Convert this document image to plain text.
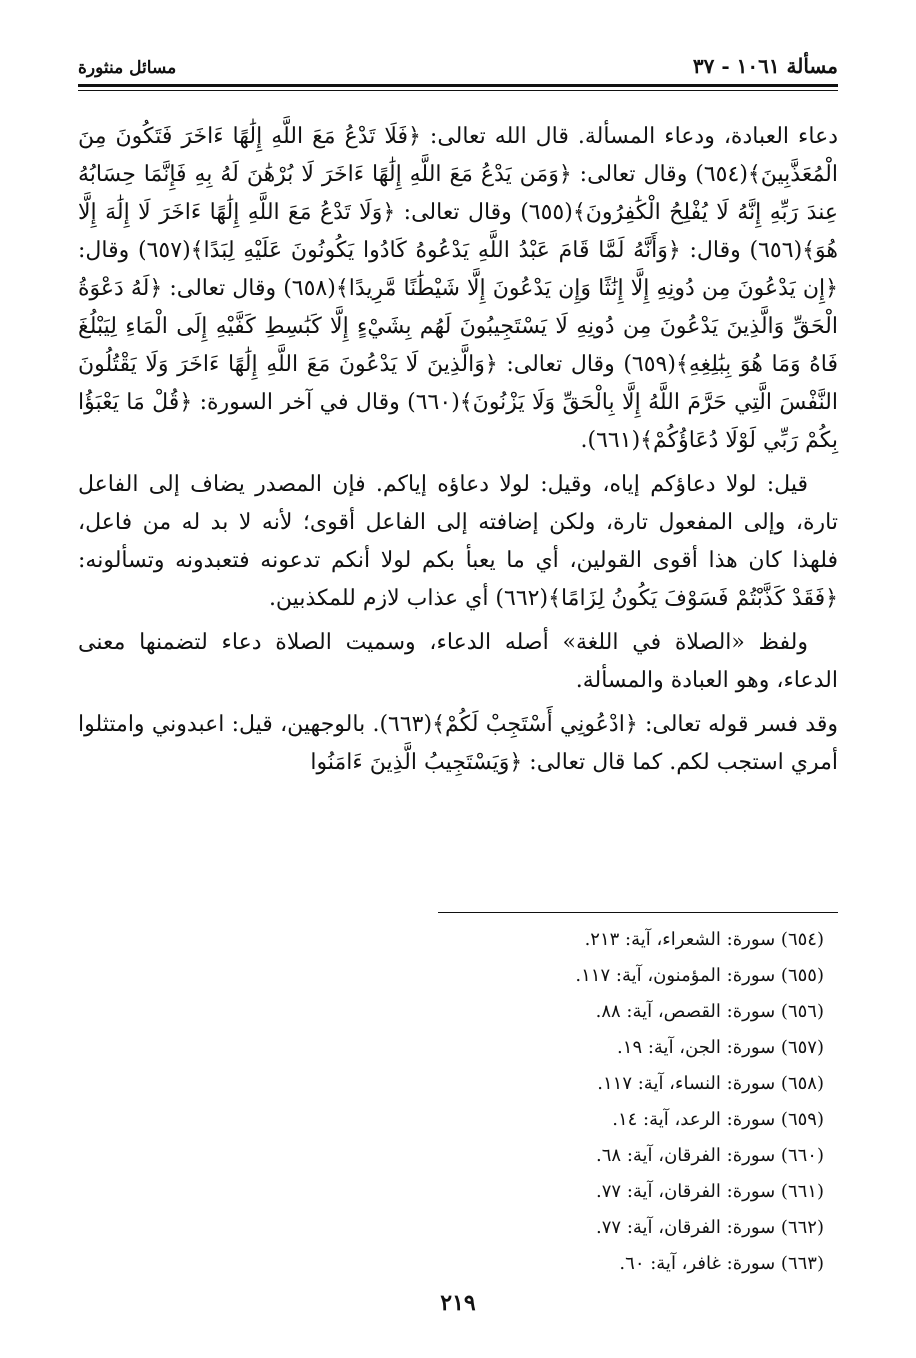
مسألة ١٠٦١ - ٣٧
مسائل منثورة

دعاء العبادة، ودعاء المسألة. قال الله تعالى: ﴿فَلَا تَدْعُ مَعَ اللَّهِ إِلَٰهًا ءَاخَرَ فَتَكُونَ مِنَ الْمُعَذَّبِينَ﴾(٦٥٤) وقال تعالى: ﴿وَمَن يَدْعُ مَعَ اللَّهِ إِلَٰهًا ءَاخَرَ لَا بُرْهَٰنَ لَهُ بِهِ فَإِنَّمَا حِسَابُهُ عِندَ رَبِّهِ إِنَّهُ لَا يُفْلِحُ الْكَٰفِرُونَ﴾(٦٥٥) وقال تعالى: ﴿وَلَا تَدْعُ مَعَ اللَّهِ إِلَٰهًا ءَاخَرَ لَا إِلَٰهَ إِلَّا هُوَ﴾(٦٥٦) وقال: ﴿وَأَنَّهُ لَمَّا قَامَ عَبْدُ اللَّهِ يَدْعُوهُ كَادُوا يَكُونُونَ عَلَيْهِ لِبَدًا﴾(٦٥٧) وقال: ﴿إِن يَدْعُونَ مِن دُونِهِ إِلَّا إِنَٰثًا وَإِن يَدْعُونَ إِلَّا شَيْطَٰنًا مَّرِيدًا﴾(٦٥٨) وقال تعالى: ﴿لَهُ دَعْوَةُ الْحَقِّ وَالَّذِينَ يَدْعُونَ مِن دُونِهِ لَا يَسْتَجِيبُونَ لَهُم بِشَيْءٍ إِلَّا كَبَٰسِطِ كَفَّيْهِ إِلَى الْمَاءِ لِيَبْلُغَ فَاهُ وَمَا هُوَ بِبَٰلِغِهِ﴾(٦٥٩) وقال تعالى: ﴿وَالَّذِينَ لَا يَدْعُونَ مَعَ اللَّهِ إِلَٰهًا ءَاخَرَ وَلَا يَقْتُلُونَ النَّفْسَ الَّتِي حَرَّمَ اللَّهُ إِلَّا بِالْحَقِّ وَلَا يَزْنُونَ﴾(٦٦٠) وقال في آخر السورة: ﴿قُلْ مَا يَعْبَؤُا بِكُمْ رَبِّي لَوْلَا دُعَاؤُكُمْ﴾(٦٦١).

قيل: لولا دعاؤكم إياه، وقيل: لولا دعاؤه إياكم. فإن المصدر يضاف إلى الفاعل تارة، وإلى المفعول تارة، ولكن إضافته إلى الفاعل أقوى؛ لأنه لا بد له من فاعل، فلهذا كان هذا أقوى القولين، أي ما يعبأ بكم لولا أنكم تدعونه فتعبدونه وتسألونه: ﴿فَقَدْ كَذَّبْتُمْ فَسَوْفَ يَكُونُ لِزَامًا﴾(٦٦٢) أي عذاب لازم للمكذبين.

ولفظ «الصلاة في اللغة» أصله الدعاء، وسميت الصلاة دعاء لتضمنها معنى الدعاء، وهو العبادة والمسألة.

وقد فسر قوله تعالى: ﴿ادْعُونِي أَسْتَجِبْ لَكُمْ﴾(٦٦٣). بالوجهين، قيل: اعبدوني وامتثلوا أمري استجب لكم. كما قال تعالى: ﴿وَيَسْتَجِيبُ الَّذِينَ ءَامَنُوا

(٦٥٤) سورة: الشعراء، آية: ٢١٣.
(٦٥٥) سورة: المؤمنون، آية: ١١٧.
(٦٥٦) سورة: القصص، آية: ٨٨.
(٦٥٧) سورة: الجن، آية: ١٩.
(٦٥٨) سورة: النساء، آية: ١١٧.
(٦٥٩) سورة: الرعد، آية: ١٤.
(٦٦٠) سورة: الفرقان، آية: ٦٨.
(٦٦١) سورة: الفرقان، آية: ٧٧.
(٦٦٢) سورة: الفرقان، آية: ٧٧.
(٦٦٣) سورة: غافر، آية: ٦٠.
٢١٩
